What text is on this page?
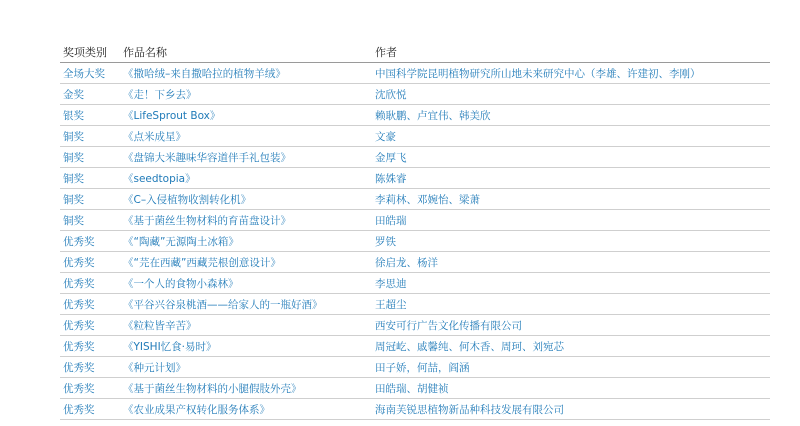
奖项类别	作品名称	作者
全场大奖	《撒哈绒–来自撒哈拉的植物羊绒》	中国科学院昆明植物研究所山地未来研究中心（李雄、许建初、李刚）
金奖	《走！下乡去》	沈欣悦
银奖	《LifeSprout Box》	赖耿鹏、卢宜伟、韩美欣
铜奖	《点米成星》	文豪
铜奖	《盘锦大米趣味华容道伴手礼包装》	金厚飞
铜奖	《seedtopia》	陈姝睿
铜奖	《C–入侵植物收割转化机》	李莉林、邓婉怡、梁萧
铜奖	《基于菌丝生物材料的育苗盘设计》	田皓瑞
优秀奖	《“陶藏”无源陶土冰箱》	罗铁
优秀奖	《“芫在西藏”西藏芫根创意设计》	徐启龙、杨洋
优秀奖	《一个人的食物小森林》	李思迪
优秀奖	《平谷兴谷泉桃酒——给家人的一瓶好酒》	王超尘
优秀奖	《粒粒皆辛苦》	西安可行广告文化传播有限公司
优秀奖	《YISHI忆食·易时》	周冠屹、戚馨纯、何木香、周珂、刘宛芯
优秀奖	《种元计划》	田子娇，何喆，阎涵
优秀奖	《基于菌丝生物材料的小腿假肢外壳》	田皓瑞、胡健祯
优秀奖	《农业成果产权转化服务体系》	海南芙锐思植物新品种科技发展有限公司
